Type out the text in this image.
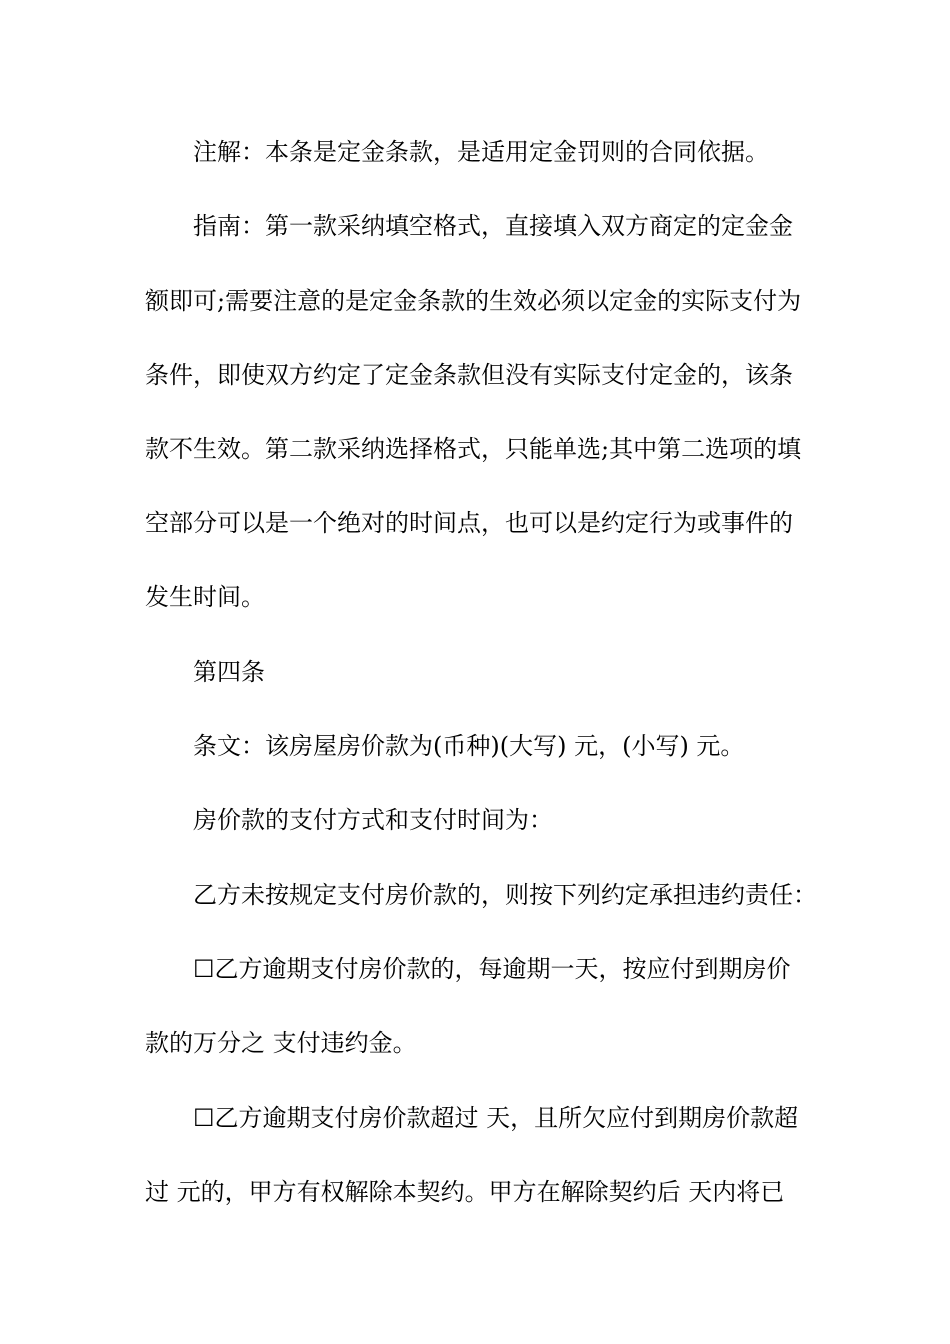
注解：本条是定金条款，是适用定金罚则的合同依据。
指南：第一款采纳填空格式，直接填入双方商定的定金金
额即可;需要注意的是定金条款的生效必须以定金的实际支付为
条件，即使双方约定了定金条款但没有实际支付定金的，该条
款不生效。第二款采纳选择格式，只能单选;其中第二选项的填
空部分可以是一个绝对的时间点，也可以是约定行为或事件的
发生时间。
第四条
条文：该房屋房价款为(币种)(大写) 元，(小写) 元。
房价款的支付方式和支付时间为：
乙方未按规定支付房价款的，则按下列约定承担违约责任：
☐乙方逾期支付房价款的，每逾期一天，按应付到期房价
款的万分之 支付违约金。
☐乙方逾期支付房价款超过 天，且所欠应付到期房价款超
过 元的，甲方有权解除本契约。甲方在解除契约后 天内将已
